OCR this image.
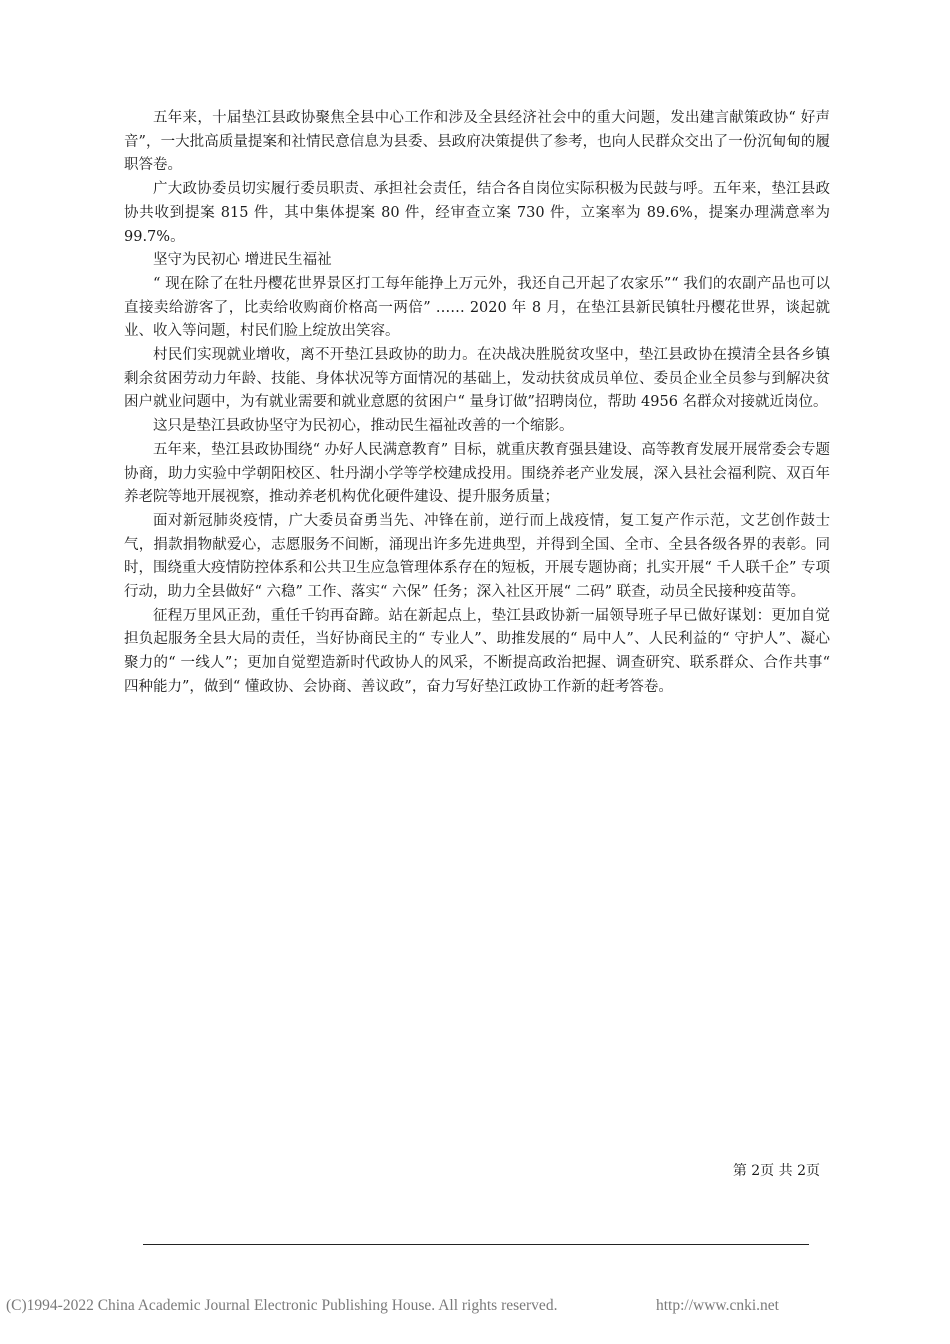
五年来，十届垫江县政协聚焦全县中心工作和涉及全县经济社会中的重大问题，发出建言献策政协“ 好声音”，一大批高质量提案和社情民意信息为县委、县政府决策提供了参考，也向人民群众交出了一份沉甸甸的履职答卷。

广大政协委员切实履行委员职责、承担社会责任，结合各自岗位实际积极为民鼓与呼。五年来，垫江县政协共收到提案 815 件，其中集体提案 80 件，经审查立案 730 件，立案率为 89.6%，提案办理满意率为 99.7%。

坚守为民初心 增进民生福祉

“ 现在除了在牡丹樱花世界景区打工每年能挣上万元外，我还自己开起了农家乐”“ 我们的农副产品也可以直接卖给游客了，比卖给收购商价格高一两倍” …… 2020 年 8 月，在垫江县新民镇牡丹樱花世界，谈起就业、收入等问题，村民们脸上绽放出笑容。

村民们实现就业增收，离不开垫江县政协的助力。在决战决胜脱贫攻坚中，垫江县政协在摸清全县各乡镇剩余贫困劳动力年龄、技能、身体状况等方面情况的基础上，发动扶贫成员单位、委员企业全员参与到解决贫困户就业问题中，为有就业需要和就业意愿的贫困户“ 量身订做”招聘岗位，帮助 4956 名群众对接就近岗位。

这只是垫江县政协坚守为民初心，推动民生福祉改善的一个缩影。

五年来，垫江县政协围绕“ 办好人民满意教育” 目标，就重庆教育强县建设、高等教育发展开展常委会专题协商，助力实验中学朝阳校区、牡丹湖小学等学校建成投用。围绕养老产业发展，深入县社会福利院、双百年养老院等地开展视察，推动养老机构优化硬件建设、提升服务质量；

面对新冠肺炎疫情，广大委员奋勇当先、冲锋在前，逆行而上战疫情，复工复产作示范，文艺创作鼓士气，捐款捐物献爱心，志愿服务不间断，涌现出许多先进典型，并得到全国、全市、全县各级各界的表彰。同时，围绕重大疫情防控体系和公共卫生应急管理体系存在的短板，开展专题协商；扎实开展“ 千人联千企” 专项行动，助力全县做好“ 六稳” 工作、落实“ 六保” 任务；深入社区开展“ 二码” 联查，动员全民接种疫苗等。

征程万里风正劲，重任千钧再奋蹄。站在新起点上，垫江县政协新一届领导班子早已做好谋划：更加自觉担负起服务全县大局的责任，当好协商民主的“ 专业人”、助推发展的“ 局中人”、人民利益的“ 守护人”、凝心聚力的“ 一线人”；更加自觉塑造新时代政协人的风采，不断提高政治把握、调查研究、联系群众、合作共事“ 四种能力”，做到“ 懂政协、会协商、善议政”，奋力写好垫江政协工作新的赶考答卷。

第 2页 共 2页
(C)1994-2022 China Academic Journal Electronic Publishing House. All rights reserved.	http://www.cnki.net
